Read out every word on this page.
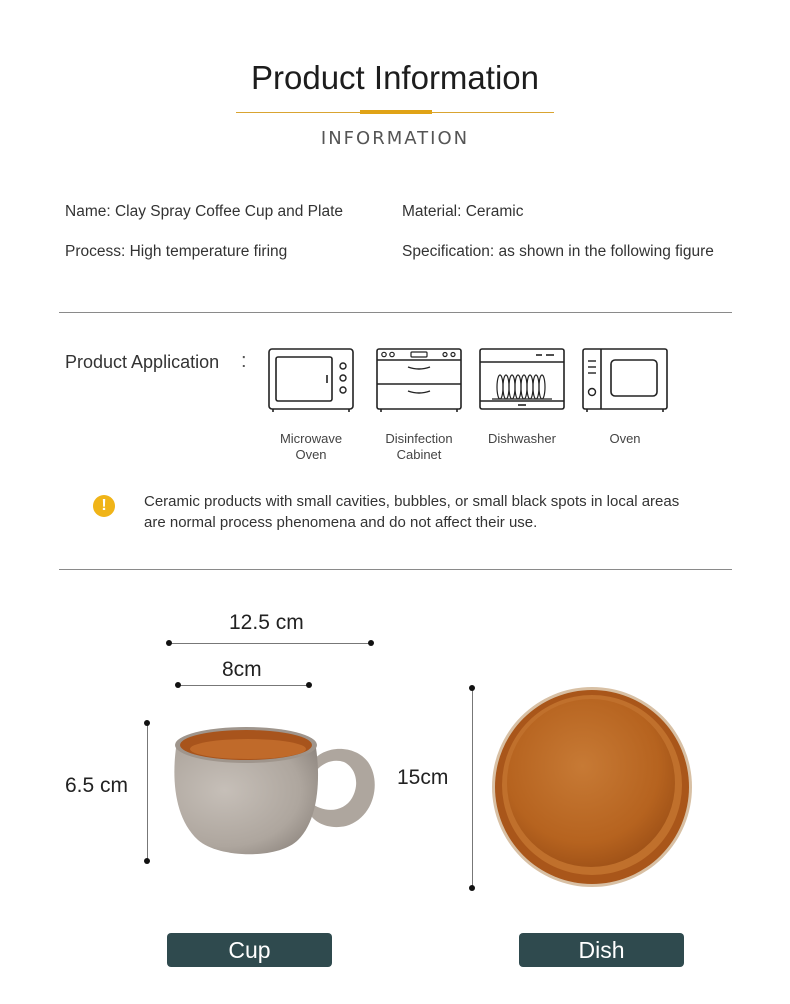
Product Information
INFORMATION
Name: Clay Spray Coffee Cup and Plate	Material: Ceramic
Process: High temperature firing	Specification: as shown in the following figure
Product Application :
Microwave
Oven
Disinfection
Cabinet
Dishwasher	Oven

!	Ceramic products with small cavities, bubbles, or small black spots in local areas are normal process phenomena and do not affect their use.
12.5 cm
8cm
6.5 cm	15cm
Cup	Dish
